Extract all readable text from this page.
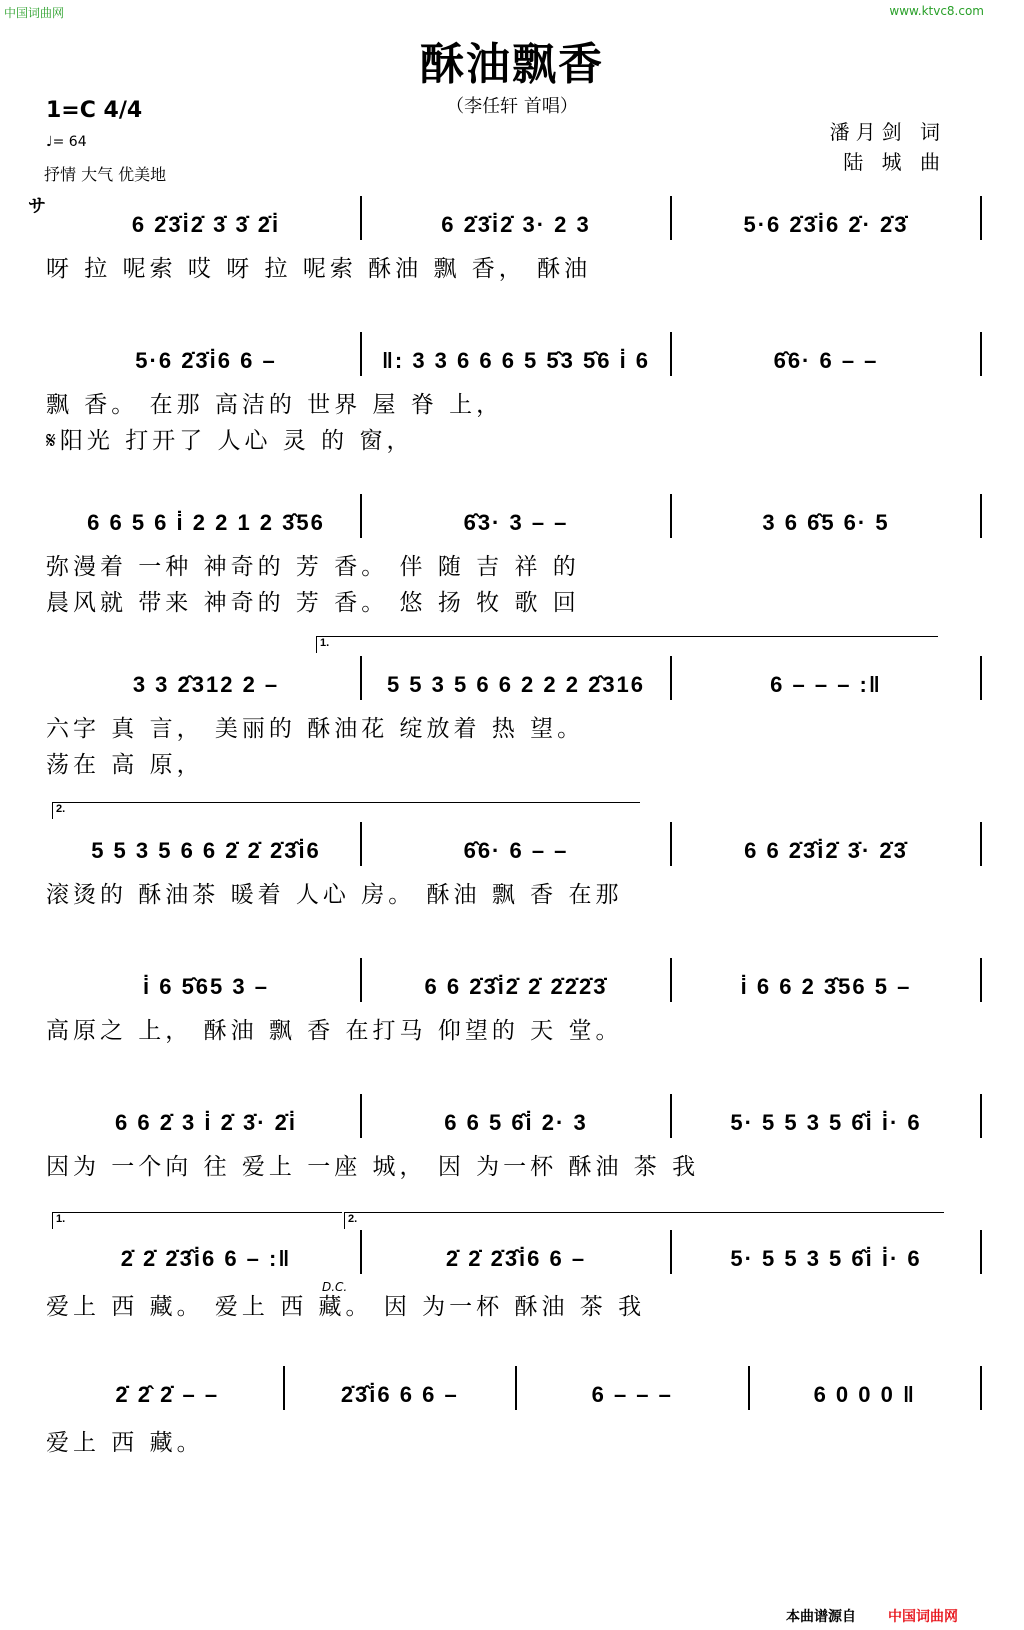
中国词曲网	www.ktvc8.com
酥油飘香
（李任轩 首唱）
1=C 4/4
♩= 64
抒情 大气 优美地
潘月剑 词
陆 城 曲
サ
6 2̇3̇i̇2̇ 3̇ 3̇ 2̇i̇	6 2̇3̇i̇2̇ 3· 2 3	5·6 2̇3̇i̇6 2̇· 2̇3̇
呀 拉 呢索 哎 呀 拉 呢索 酥油 飘 香， 酥油
5·6 2̇3̇i̇6 6 –	‖: 3 3 6 6 6 5 5̂3 5̂6 i̇ 6	6̂6· 6 – –
飘 香。 在那 高洁的 世界 屋 脊 上，
𝄋阳光 打开了 人心 灵 的 窗，
6 6 5 6 i̇ 2 2 1 2 3̂56	6̂3· 3 – –	3 6 6̂5 6· 5
弥漫着 一种 神奇的 芳 香。 伴 随 吉 祥 的
晨风就 带来 神奇的 芳 香。 悠 扬 牧 歌 回
1.
3 3 2̂312 2 –	5 5 3 5 6 6 2 2 2 2̂316	6 – – – :‖
六字 真 言， 美丽的 酥油花 绽放着 热 望。
荡在 高 原，
2.
5 5 3 5 6 6 2̇ 2̇ 2̇3̂i̇6	6̂6· 6 – –	6 6 2̇3̂i̇2̇ 3̇· 2̇3̇
滚烫的 酥油茶 暖着 人心 房。 酥油 飘 香 在那
i̇ 6 5̂65 3 –	6 6 2̇3̂i̇2̇ 2̇ 2̇2̇2̇3̇	i̇ 6 6 2 3̂56 5 –
高原之 上， 酥油 飘 香 在打马 仰望的 天 堂。
6 6 2̇ 3 i̇ 2̇ 3̇· 2̇i̇	6 6 5 6̂i̇ 2· 3	5· 5 5 3 5 6̂i̇ i̇· 6
因为 一个向 往 爱上 一座 城， 因 为一杯 酥油 茶 我
1.	2.
2̇ 2̇ 2̇3̂i̇6 6 – :‖	2̇ 2̇ 2̇3̂i̇6 6 –	5· 5 5 3 5 6̂i̇ i̇· 6
D.C.
爱上 西 藏。 爱上 西 藏。 因 为一杯 酥油 茶 我
2̇ 2̂ 2̇ – –	2̇3̂i̇6 6 6 –	6 – – –	6 0 0 0 ‖
爱上 西 藏。
本曲谱源自 中国词曲网
